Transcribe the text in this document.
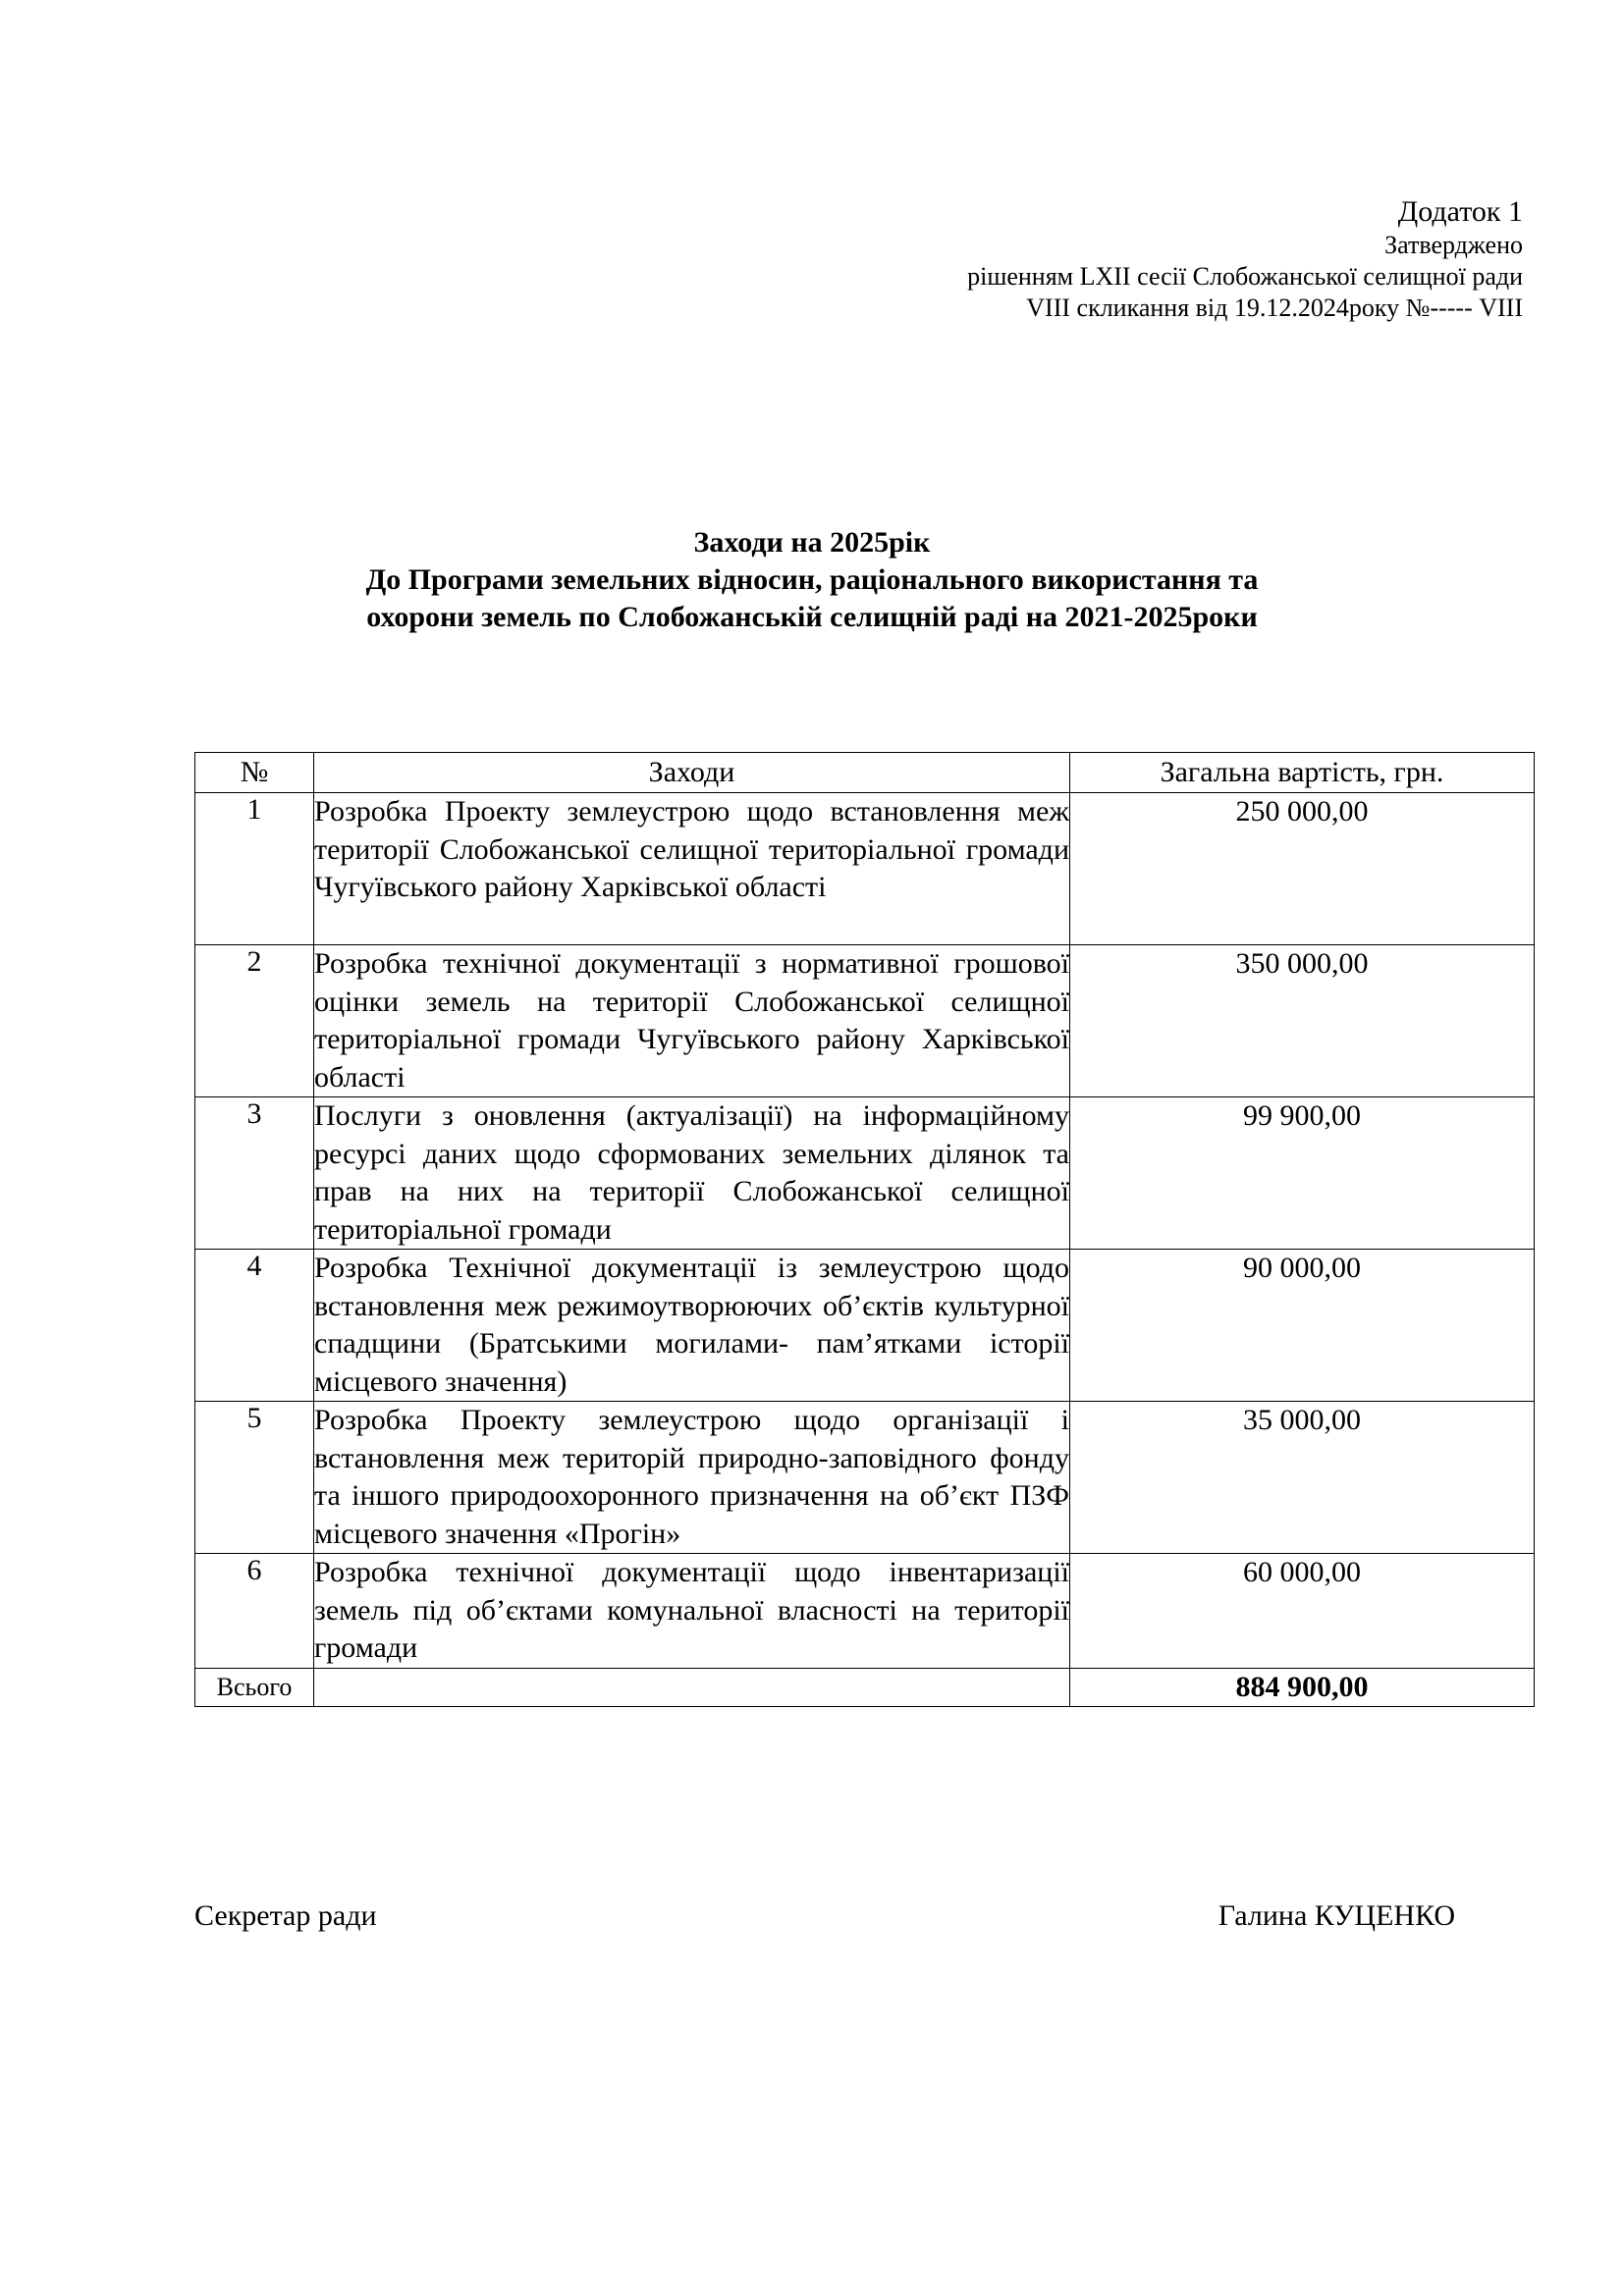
Додаток 1
Затверджено
рішенням LXII сесії Слобожанської селищної ради
VIII скликання від 19.12.2024року №----- VIII
Заходи на 2025рік
До Програми земельних відносин, раціонального використання та
охорони земель по Слобожанській селищній раді на 2021-2025роки
№	Заходи	Загальна вартість, грн.
1	Розробка Проекту землеустрою щодо встановлення меж території Слобожанської селищної територіальної громади Чугуївського району Харківської області	250 000,00
2	Розробка технічної документації з нормативної грошової оцінки земель на території Слобожанської селищної територіальної громади Чугуївського району Харківської області	350 000,00
3	Послуги з оновлення (актуалізації) на інформаційному ресурсі даних щодо сформованих земельних ділянок та прав на них на території Слобожанської селищної територіальної громади	99 900,00
4	Розробка Технічної документації із землеустрою щодо встановлення меж режимоутворюючих об’єктів культурної спадщини (Братськими могилами- пам’ятками історії місцевого значення)	90 000,00
5	Розробка Проекту землеустрою щодо організації і встановлення меж територій природно-заповідного фонду та іншого природоохоронного призначення на об’єкт ПЗФ місцевого значення «Прогін»	35 000,00
6	Розробка технічної документації щодо інвентаризації земель під об’єктами комунальної власності на території громади	60 000,00
Всього		884 900,00
Секретар ради	Галина КУЦЕНКО
